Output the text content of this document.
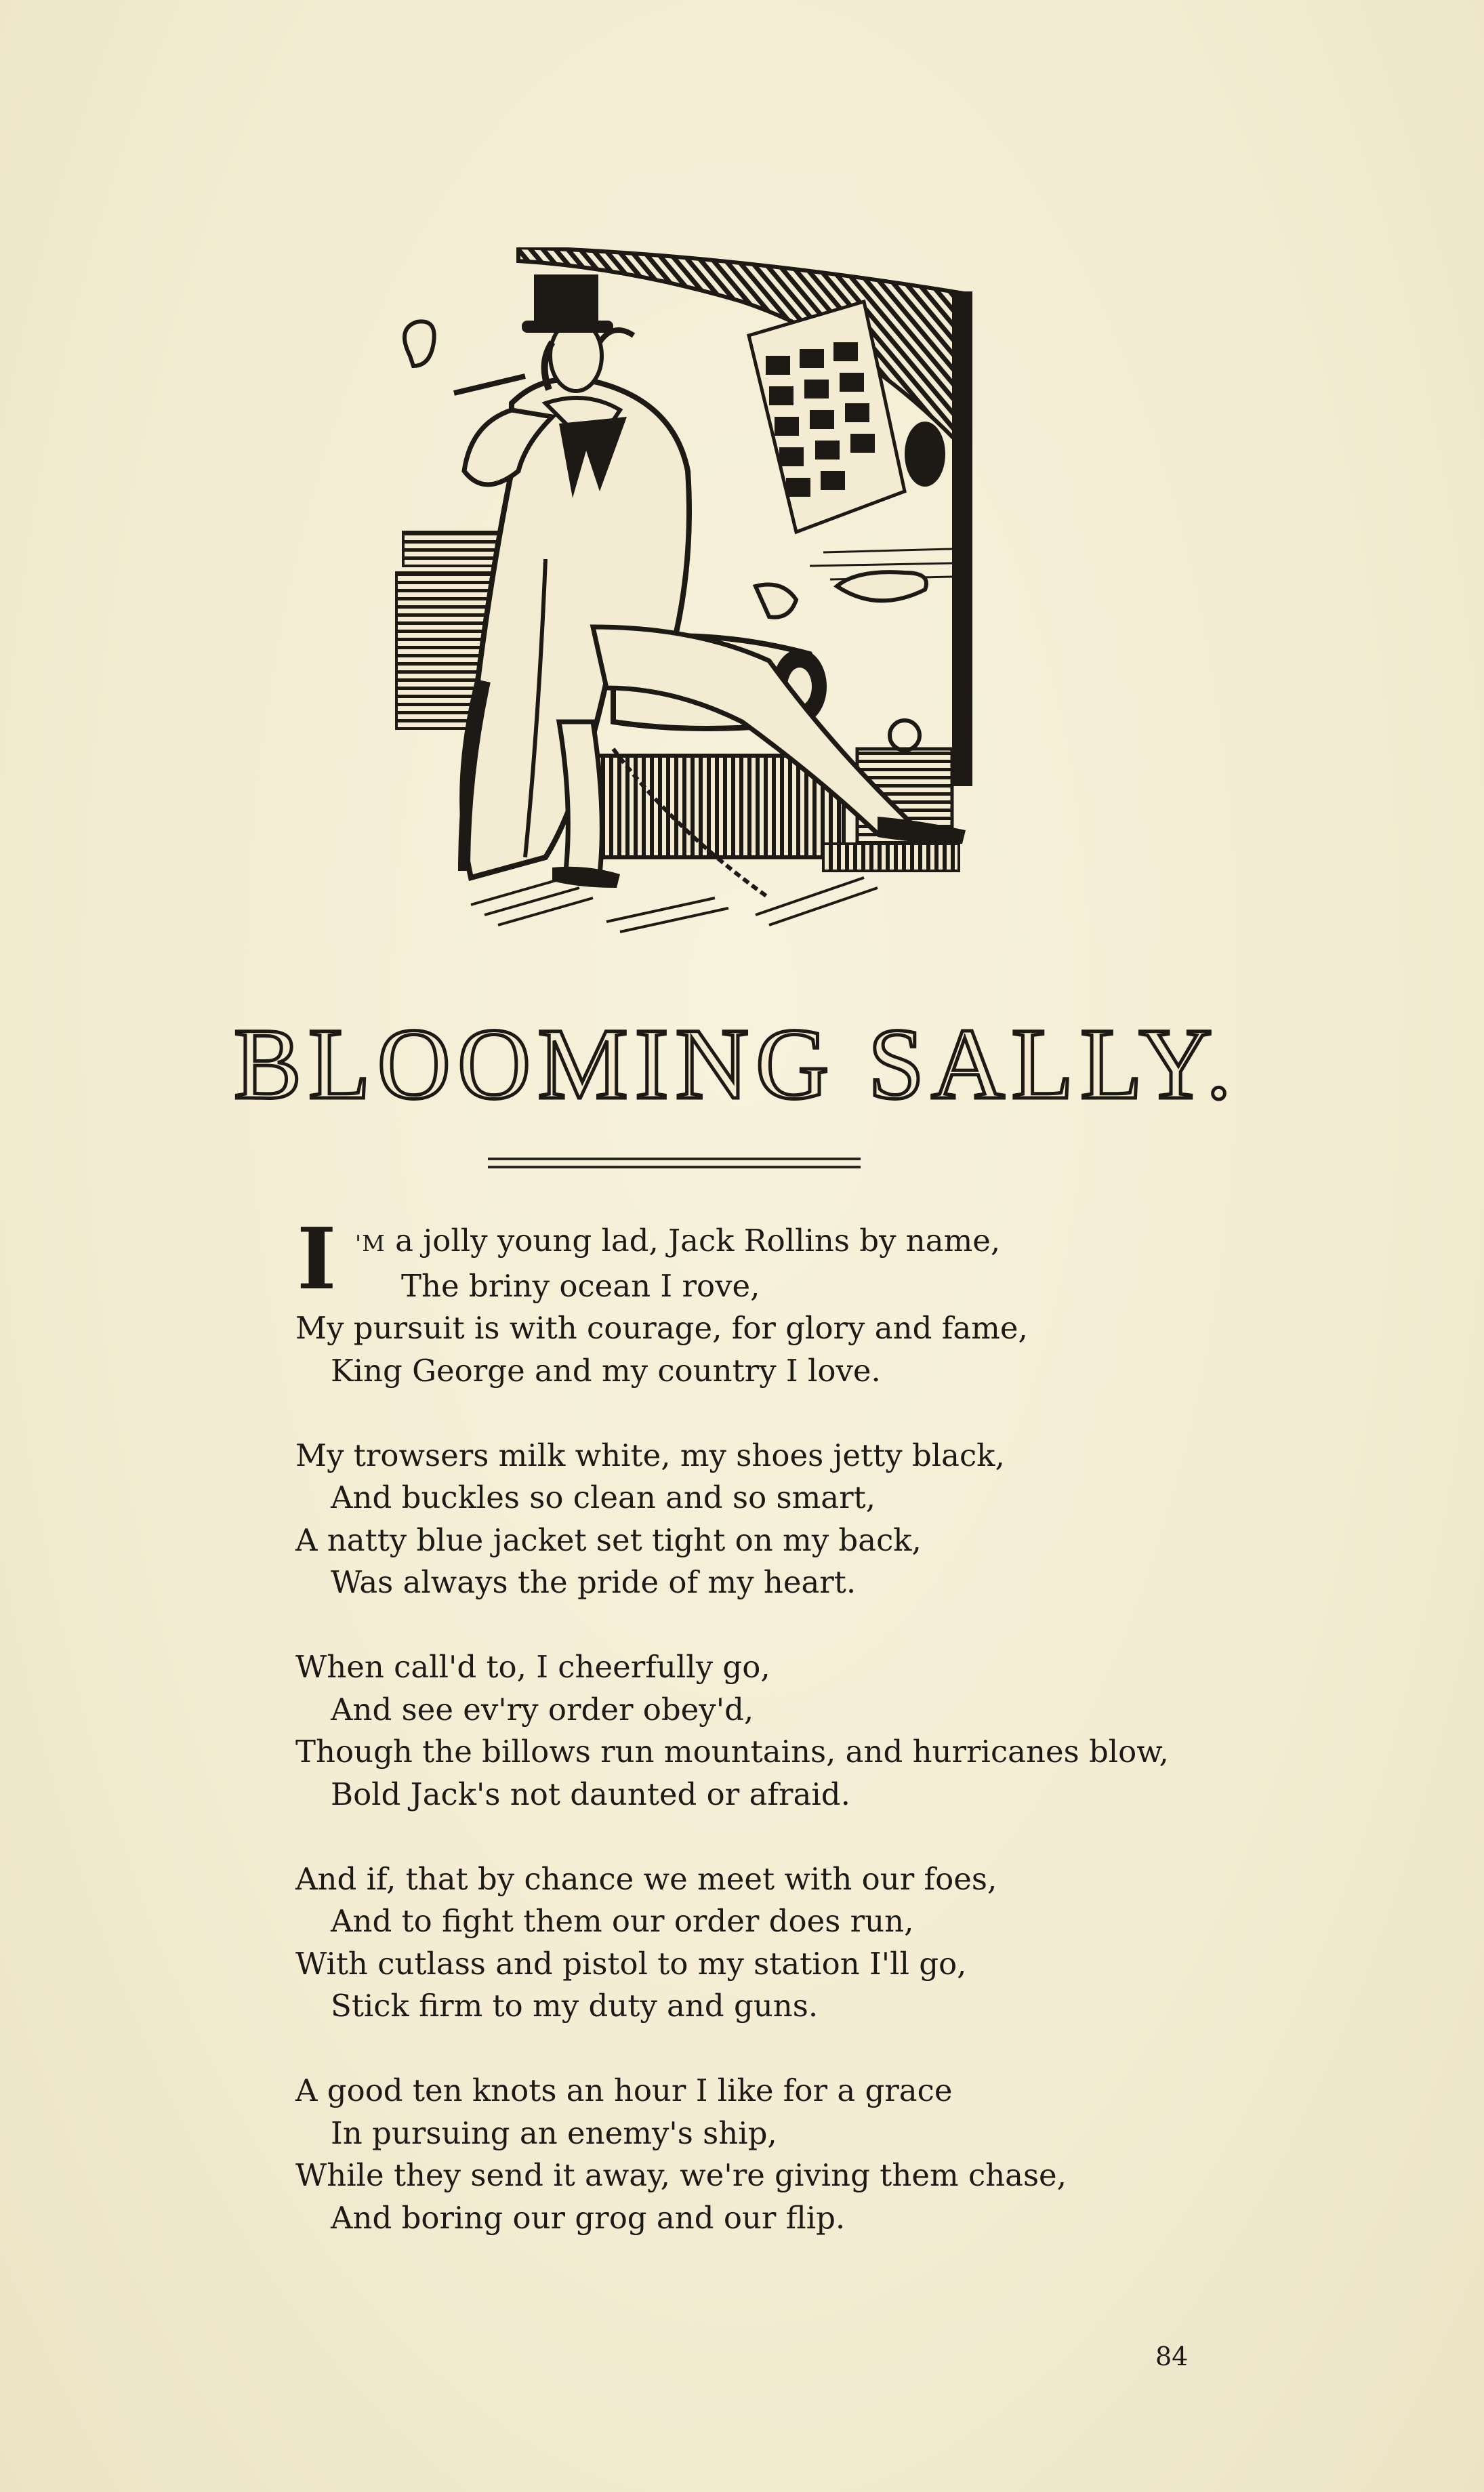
BLOOMING SALLY.
I 'M a jolly young lad, Jack Rollins by name,
The briny ocean I rove,
My pursuit is with courage, for glory and fame,
King George and my country I love.
My trowsers milk white, my shoes jetty black,
And buckles so clean and so smart,
A natty blue jacket set tight on my back,
Was always the pride of my heart.
When call'd to, I cheerfully go,
And see ev'ry order obey'd,
Though the billows run mountains, and hurricanes blow,
Bold Jack's not daunted or afraid.
And if, that by chance we meet with our foes,
And to fight them our order does run,
With cutlass and pistol to my station I'll go,
Stick firm to my duty and guns.
A good ten knots an hour I like for a grace
In pursuing an enemy's ship,
While they send it away, we're giving them chase,
And boring our grog and our flip.
84
